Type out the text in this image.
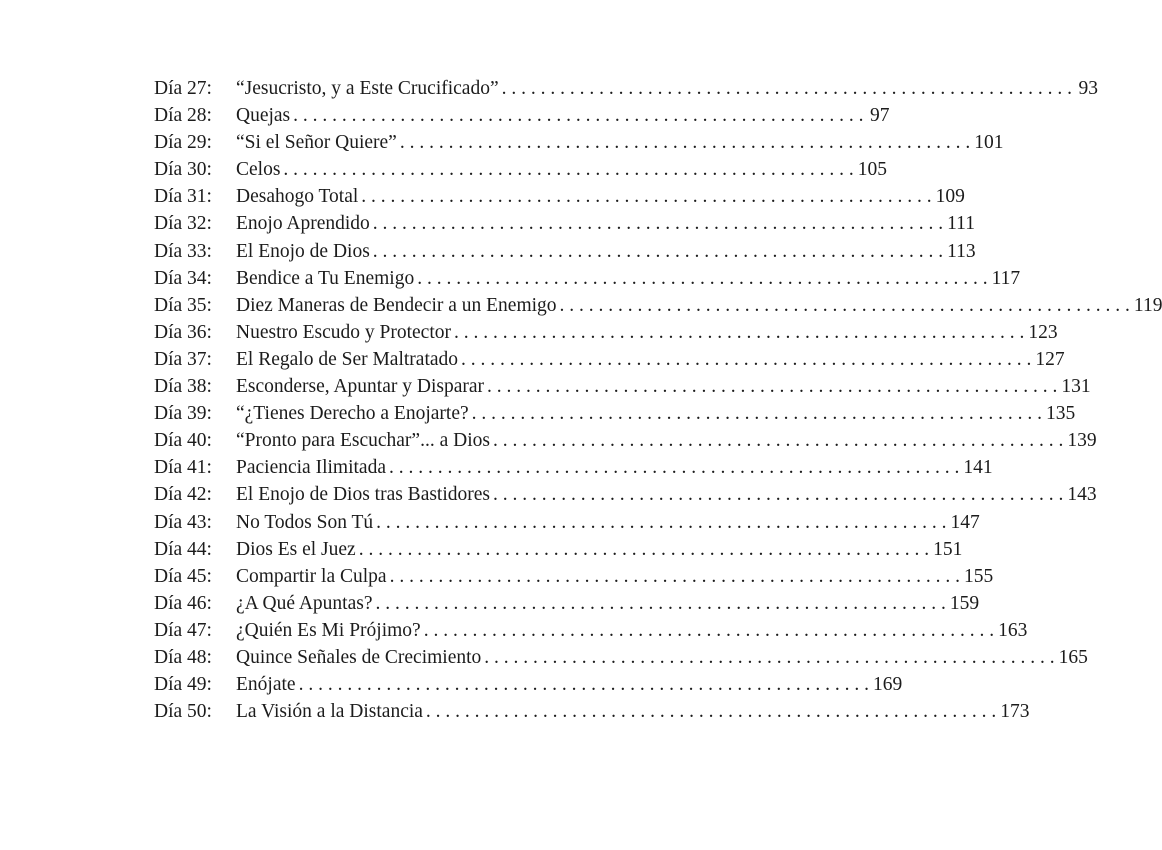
Día 27:	“Jesucristo, y a Este Crucificado” . . .	93
Día 28:	Quejas . . .	97
Día 29:	“Si el Señor Quiere” . . .	101
Día 30:	Celos . . .	105
Día 31:	Desahogo Total . . .	109
Día 32:	Enojo Aprendido . . .	111
Día 33:	El Enojo de Dios . . .	113
Día 34:	Bendice a Tu Enemigo . . .	117
Día 35:	Diez Maneras de Bendecir a un Enemigo . . .	119
Día 36:	Nuestro Escudo y Protector . . .	123
Día 37:	El Regalo de Ser Maltratado . . .	127
Día 38:	Esconderse, Apuntar y Disparar . . .	131
Día 39:	“¿Tienes Derecho a Enojarte? . . .	135
Día 40:	“Pronto para Escuchar”... a Dios . . .	139
Día 41:	Paciencia Ilimitada . . .	141
Día 42:	El Enojo de Dios tras Bastidores . . .	143
Día 43:	No Todos Son Tú . . .	147
Día 44:	Dios Es el Juez . . .	151
Día 45:	Compartir la Culpa . . .	155
Día 46:	¿A Qué Apuntas? . . .	159
Día 47:	¿Quién Es Mi Prójimo? . . .	163
Día 48:	Quince Señales de Crecimiento . . .	165
Día 49:	Enójate . . .	169
Día 50:	La Visión a la Distancia . . .	173
